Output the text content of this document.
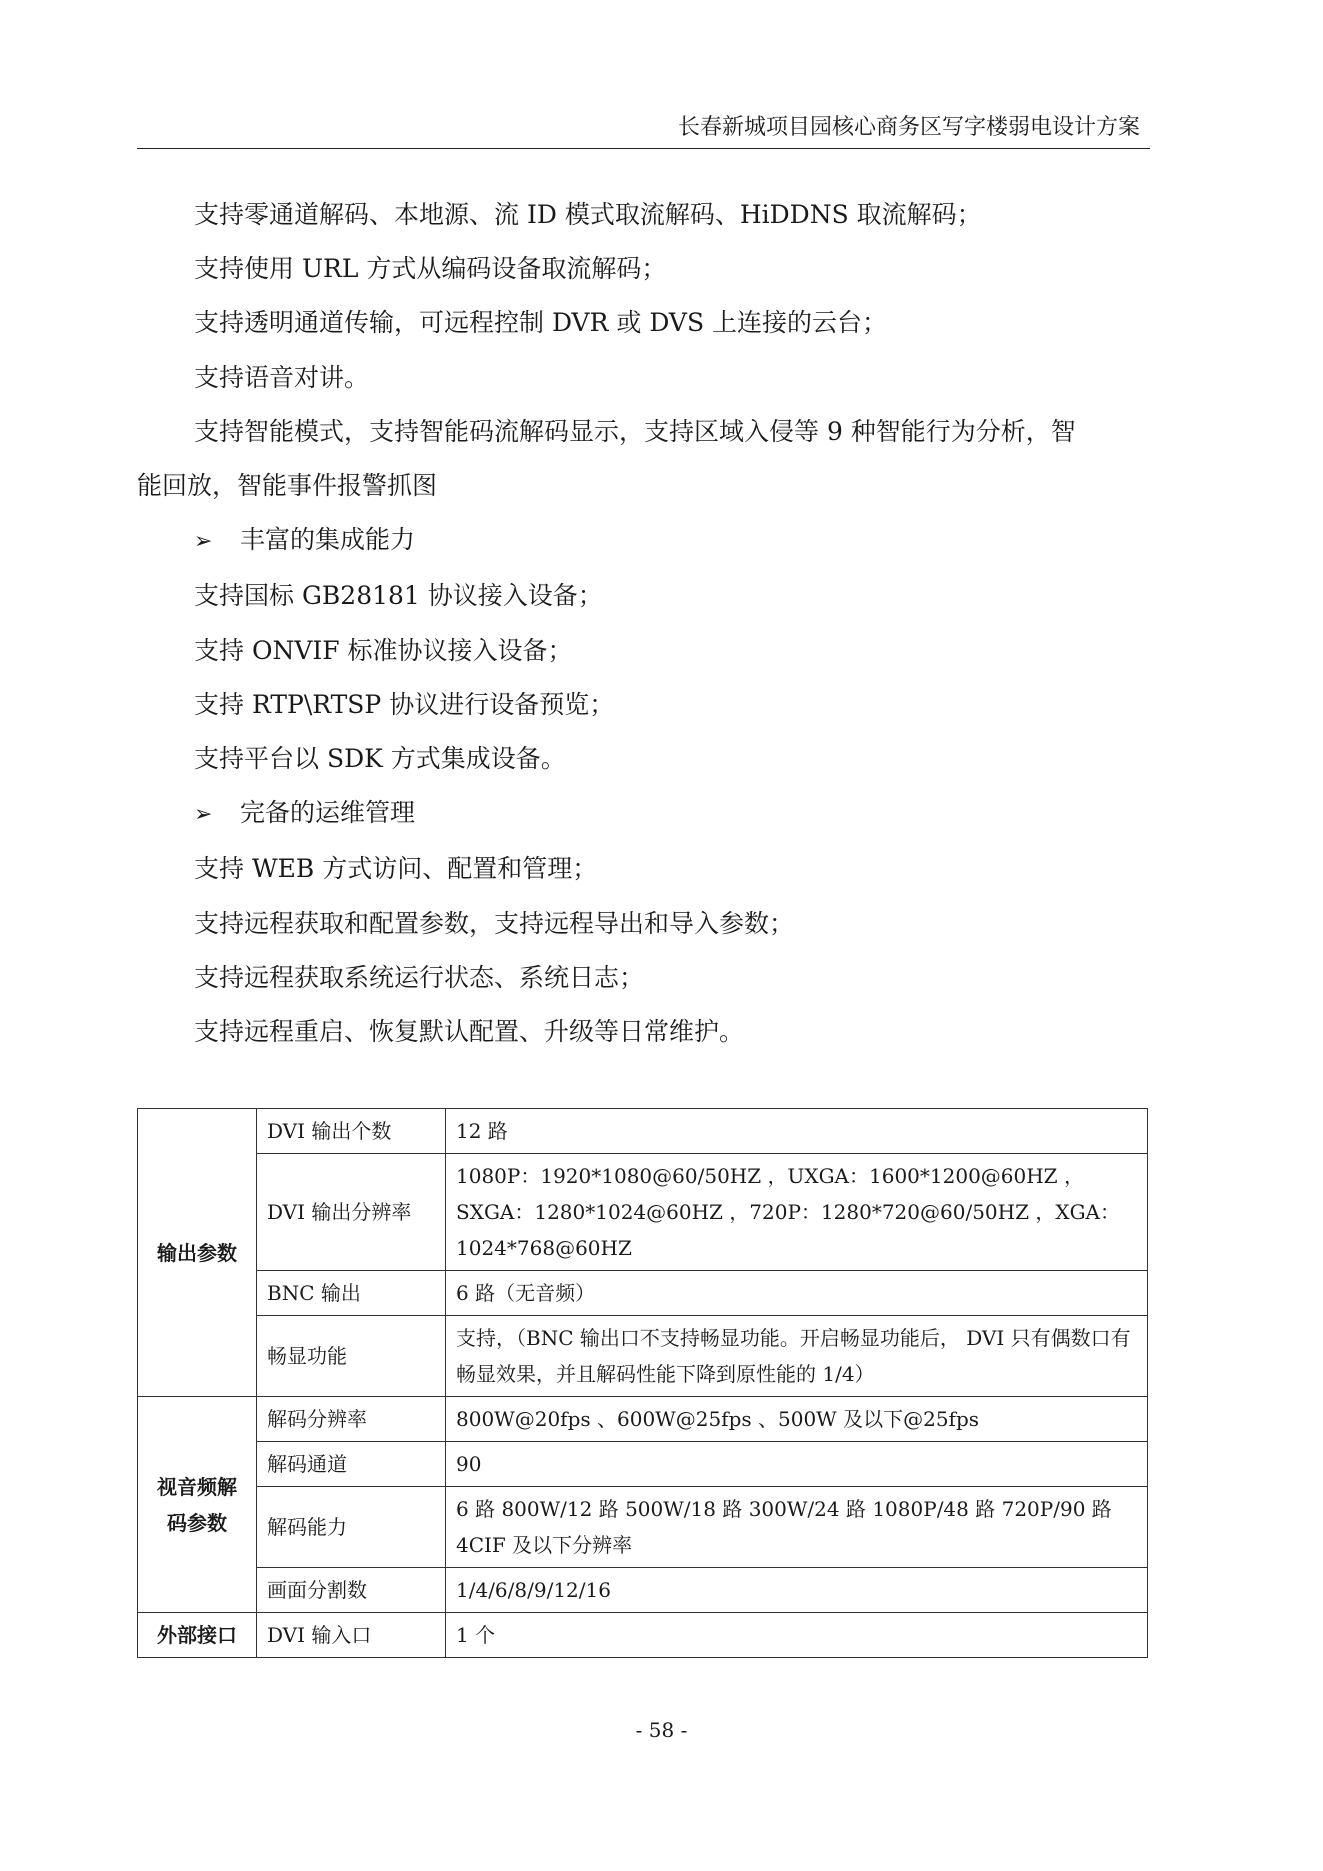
长春新城项目园核心商务区写字楼弱电设计方案

支持零通道解码、本地源、流 ID 模式取流解码、HiDDNS 取流解码；

支持使用 URL 方式从编码设备取流解码；

支持透明通道传输，可远程控制 DVR 或 DVS 上连接的云台；

支持语音对讲。

支持智能模式，支持智能码流解码显示，支持区域入侵等 9 种智能行为分析，智

能回放，智能事件报警抓图

➢ 丰富的集成能力

支持国标 GB28181 协议接入设备；

支持 ONVIF 标准协议接入设备；

支持 RTP\RTSP 协议进行设备预览；

支持平台以 SDK 方式集成设备。

➢ 完备的运维管理

支持 WEB 方式访问、配置和管理；

支持远程获取和配置参数，支持远程导出和导入参数；

支持远程获取系统运行状态、系统日志；

支持远程重启、恢复默认配置、升级等日常维护。

输出参数	DVI 输出个数	12 路
	DVI 输出分辨率	1080P：1920*1080@60/50HZ ，UXGA：1600*1200@60HZ ，SXGA：1280*1024@60HZ ，720P：1280*720@60/50HZ ，XGA：1024*768@60HZ
	BNC 输出	6 路（无音频）
	畅显功能	支持，（BNC 输出口不支持畅显功能。开启畅显功能后， DVI 只有偶数口有畅显效果，并且解码性能下降到原性能的 1/4）
视音频解码参数	解码分辨率	800W@20fps 、600W@25fps 、500W 及以下@25fps
	解码通道	90
	解码能力	6 路 800W/12 路 500W/18 路 300W/24 路 1080P/48 路 720P/90 路 4CIF 及以下分辨率
	画面分割数	1/4/6/8/9/12/16
外部接口	DVI 输入口	1 个
- 58 -
